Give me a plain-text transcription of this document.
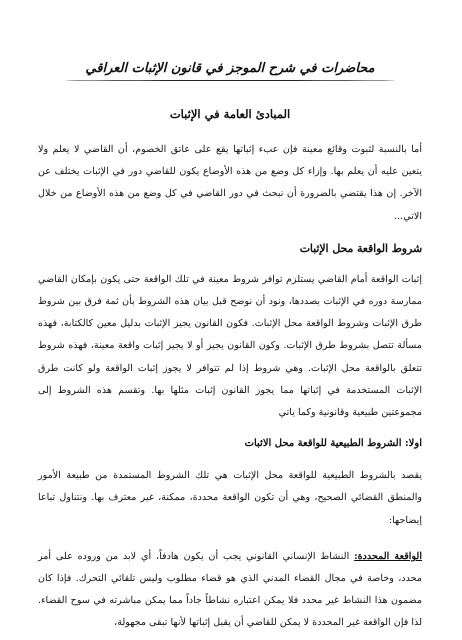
محاضرات في شرح الموجز في قانون الإثبات العراقي
المبادئ العامة في الإثبات

أما بالنسبة لثبوت وقائع معينة فإن عبء إثباتها يقع على عاتق الخصوم، أن القاضي لا يعلم ولا يتعين عليه أن يعلم بها. وإزاء كل وضع من هذه الأوضاع يكون للقاضي دور في الإثبات يختلف عن الآخر. إن هذا يقتضي بالضرورة أن نبحث في دور القاضي في كل وضع من هذه الأوضاع من خلال الاتي...

شروط الواقعة محل الإثبات

إثبات الواقعة أمام القاضي يستلزم توافر شروط معينة في تلك الواقعة حتى يكون بإمكان القاضي ممارسة دوره في الإثبات بصددها، ونود أن نوضح قبل بيان هذه الشروط بأن ثمة فرق بين شروط طرق الإثبات وشروط الواقعة محل الإثبات. فكون القانون يجيز الإثبات بدليل معين كالكتابة، فهذه مسألة تتصل بشروط طرق الإثبات. وكون القانون يجيز أو لا يجيز إثبات واقعة معينة، فهذه شروط تتعلق بالواقعة محل الإثبات. وهي شروط إذا لم تتوافر لا يجوز إثبات الواقعة ولو كانت طرق الإثبات المستخدمة في إثباتها مما يجوز القانون إثبات مثلها بها. وتقسم هذه الشروط إلى مجموعتين طبيعية وقانونية وكما ياتي

اولا: الشروط الطبيعية للواقعة محل الاثبات

يقصد بالشروط الطبيعية للواقعة محل الإثبات هي تلك الشروط المستمدة من طبيعة الأمور والمنطق القضائي الصحيح، وهي أن تكون الواقعة محددة، ممكنة، غير معترف بها. ونتناول تباعا إيضاحها:

الواقعة المحددة: النشاط الإنساني القانوني يجب أن يكون هادفاً، أي لابد من وروده على أمر محدد، وخاصة في مجال القضاء المدني الذي هو قضاء مطلوب وليس تلقائي التحرك. فإذا كان مضمون هذا النشاط غير محدد فلا يمكن اعتباره نشاطاً جاداً مما يمكن مباشرته في سوح القضاء. لذا فإن الواقعة غير المحددة لا يمكن للقاضي أن يقبل إثباتها لأنها تبقى مجهولة،
